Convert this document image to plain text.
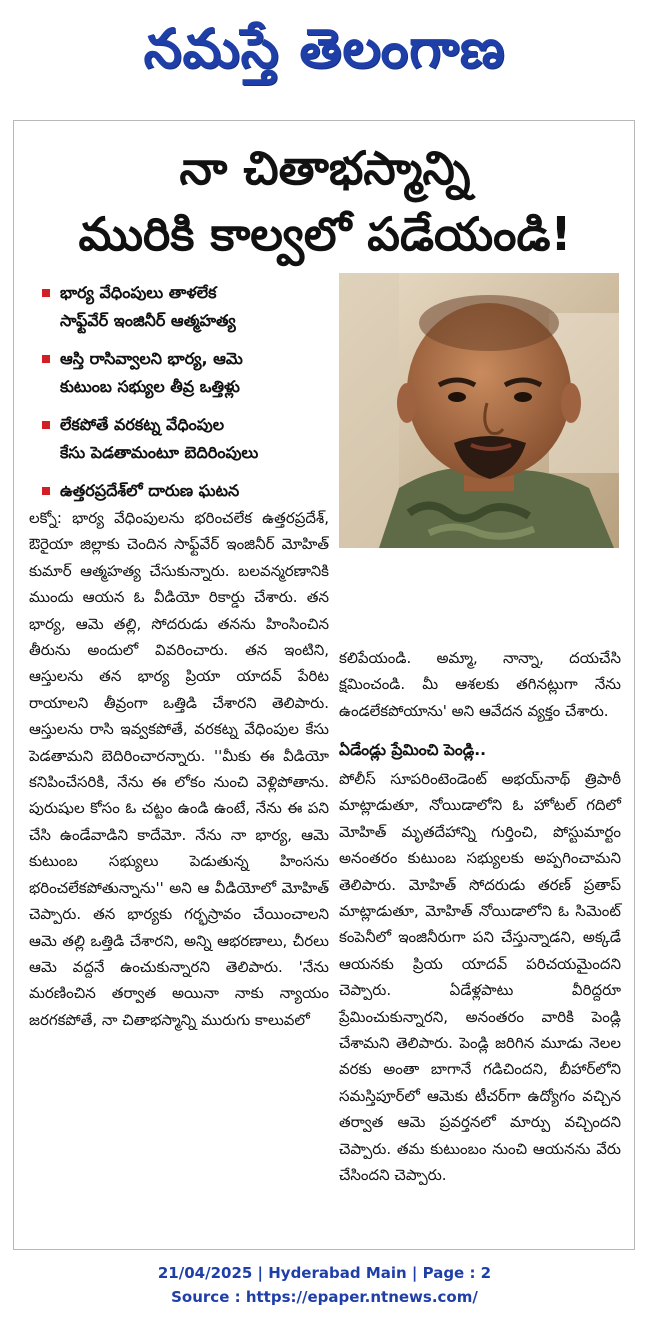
నమస్తే తెలంగాణ
నా చితాభస్మాన్ని
మురికి కాల్వలో పడేయండి!
భార్య వేధింపులు తాళలేక
సాఫ్ట్‌వేర్ ఇంజినీర్ ఆత్మహత్య
ఆస్తి రాసివ్వాలని భార్య, ఆమె
కుటుంబ సభ్యుల తీవ్ర ఒత్తిళ్లు
లేకపోతే వరకట్న వేధింపుల
కేసు పెడతామంటూ బెదిరింపులు
ఉత్తరప్రదేశ్‌లో దారుణ ఘటన
లక్నో: భార్య వేధింపులను భరించలేక ఉత్తరప్రదేశ్, ఔరైయా జిల్లాకు చెందిన సాఫ్ట్‌వేర్ ఇంజినీర్ మోహిత్ కుమార్ ఆత్మహత్య చేసుకున్నారు. బలవన్మరణానికి ముందు ఆయన ఓ వీడియో రికార్డు చేశారు. తన భార్య, ఆమె తల్లి, సోదరుడు తనను హింసించిన తీరును అందులో వివరించారు. తన ఇంటిని, ఆస్తులను తన భార్య ప్రియా యాదవ్ పేరిట రాయాలని తీవ్రంగా ఒత్తిడి చేశారని తెలిపారు. ఆస్తులను రాసి ఇవ్వకపోతే, వరకట్న వేధింపుల కేసు పెడతామని బెదిరించారన్నారు. ''మీకు ఈ వీడియో కనిపించేసరికి, నేను ఈ లోకం నుంచి వెళ్లిపోతాను. పురుషుల కోసం ఓ చట్టం ఉండి ఉంటే, నేను ఈ పని చేసి ఉండేవాడిని కాదేమో. నేను నా భార్య, ఆమె కుటుంబ సభ్యులు పెడుతున్న హింసను భరించలేకపోతున్నాను'' అని ఆ వీడియోలో మోహిత్ చెప్పారు. తన భార్యకు గర్భస్రావం చేయించాలని ఆమె తల్లి ఒత్తిడి చేశారని, అన్ని ఆభరణాలు, చీరలు ఆమె వద్దనే ఉంచుకున్నారని తెలిపారు. 'నేను మరణించిన తర్వాత అయినా నాకు న్యాయం జరగకపోతే, నా చితాభస్మాన్ని మురుగు కాలువలో
కలిపేయండి. అమ్మా, నాన్నా, దయచేసి క్షమించండి. మీ ఆశలకు తగినట్లుగా నేను ఉండలేకపోయాను' అని ఆవేదన వ్యక్తం చేశారు.
ఏడేండ్లు ప్రేమించి పెండ్లి..
పోలీస్ సూపరింటెండెంట్ అభయ్‌నాథ్ త్రిపాఠీ మాట్లాడుతూ, నోయిడాలోని ఓ హోటల్ గదిలో మోహిత్ మృతదేహాన్ని గుర్తించి, పోస్టుమార్టం అనంతరం కుటుంబ సభ్యులకు అప్పగించామని తెలిపారు. మోహిత్ సోదరుడు తరణ్ ప్రతాప్ మాట్లాడుతూ, మోహిత్ నోయిడాలోని ఓ సిమెంట్ కంపెనీలో ఇంజినీరుగా పని చేస్తున్నాడని, అక్కడే ఆయనకు ప్రియ యాదవ్ పరిచయమైందని చెప్పారు. ఏడేళ్లపాటు వీరిద్దరూ ప్రేమించుకున్నారని, అనంతరం వారికి పెండ్లి చేశామని తెలిపారు. పెండ్లి జరిగిన మూడు నెలల వరకు అంతా బాగానే గడిచిందని, బీహార్‌లోని సమస్తిపూర్‌లో ఆమెకు టీచర్‌గా ఉద్యోగం వచ్చిన తర్వాత ఆమె ప్రవర్తనలో మార్పు వచ్చిందని చెప్పారు. తమ కుటుంబం నుంచి ఆయనను వేరు చేసిందని చెప్పారు.
21/04/2025 | Hyderabad Main | Page : 2
Source : https://epaper.ntnews.com/
